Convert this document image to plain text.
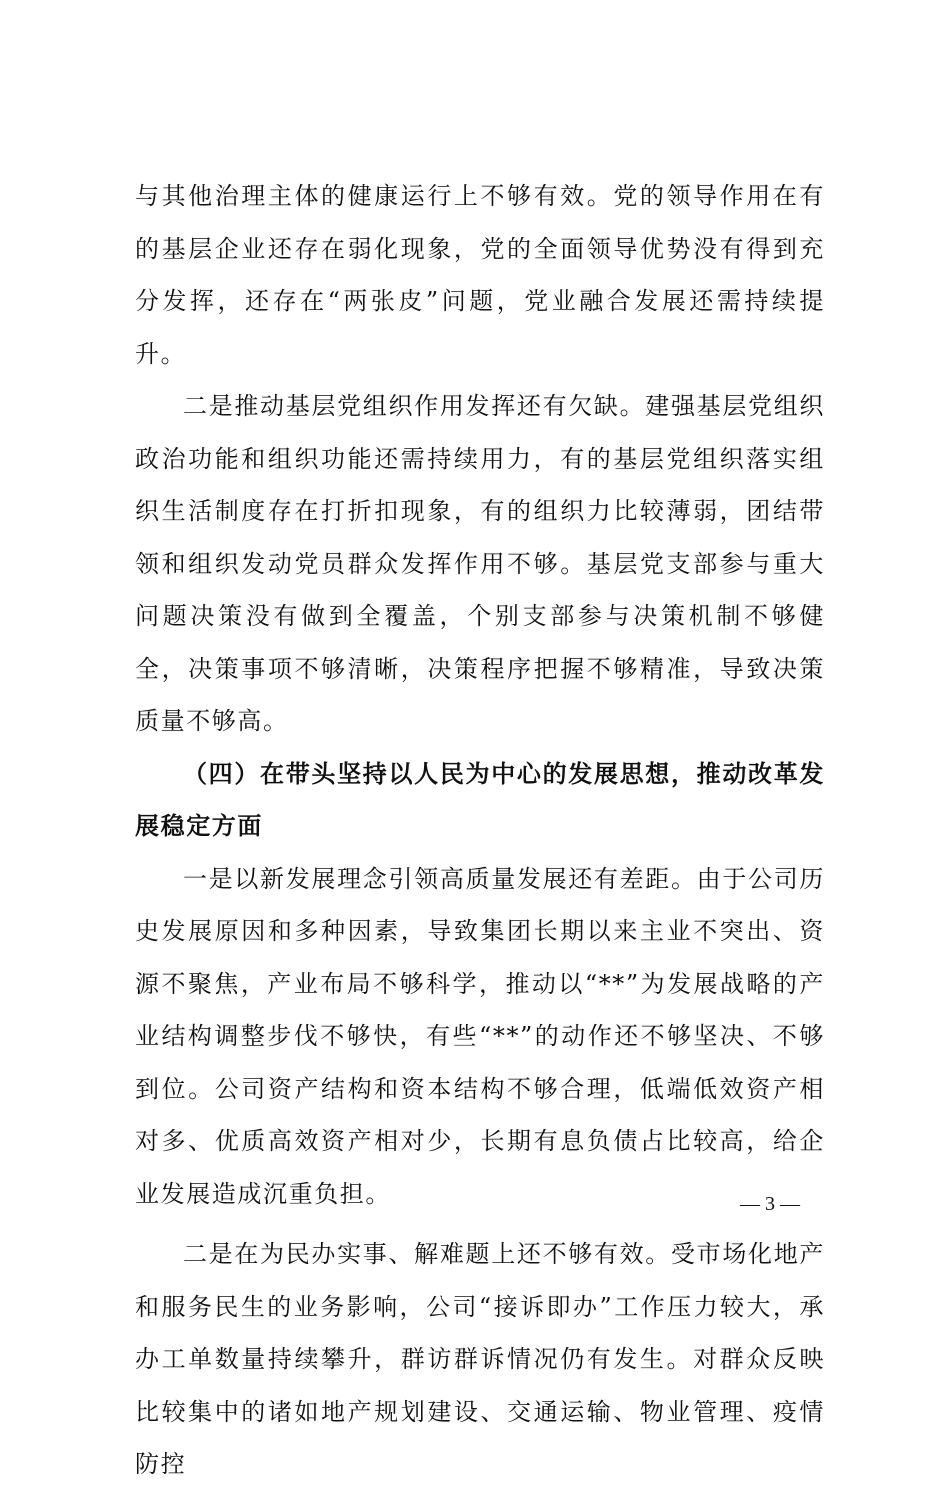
与其他治理主体的健康运行上不够有效。党的领导作用在有的基层企业还存在弱化现象，党的全面领导优势没有得到充分发挥，还存在“两张皮”问题，党业融合发展还需持续提升。

二是推动基层党组织作用发挥还有欠缺。建强基层党组织政治功能和组织功能还需持续用力，有的基层党组织落实组织生活制度存在打折扣现象，有的组织力比较薄弱，团结带领和组织发动党员群众发挥作用不够。基层党支部参与重大问题决策没有做到全覆盖，个别支部参与决策机制不够健全，决策事项不够清晰，决策程序把握不够精准，导致决策质量不够高。

（四）在带头坚持以人民为中心的发展思想，推动改革发展稳定方面

一是以新发展理念引领高质量发展还有差距。由于公司历史发展原因和多种因素，导致集团长期以来主业不突出、资源不聚焦，产业布局不够科学，推动以“**”为发展战略的产业结构调整步伐不够快，有些“**”的动作还不够坚决、不够到位。公司资产结构和资本结构不够合理，低端低效资产相对多、优质高效资产相对少，长期有息负债占比较高，给企业发展造成沉重负担。

二是在为民办实事、解难题上还不够有效。受市场化地产和服务民生的业务影响，公司“接诉即办”工作压力较大，承办工单数量持续攀升，群访群诉情况仍有发生。对群众反映比较集中的诸如地产规划建设、交通运输、物业管理、疫情防控

— 3 —
